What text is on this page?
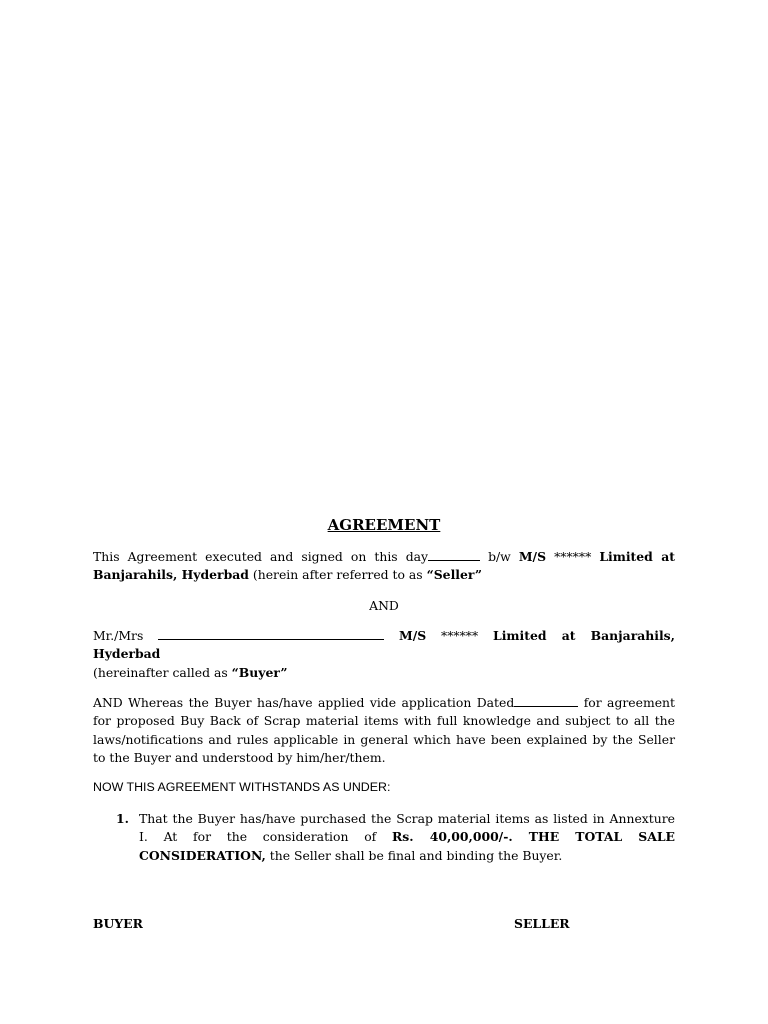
AGREEMENT
This Agreement executed and signed on this day	b/w M/S ****** Limited at Banjarahils, Hyderbad (herein after referred to as “Seller”
AND
Mr./Mrs	M/S ****** Limited at Banjarahils, Hyderbad
(hereinafter called as “Buyer”
AND Whereas the Buyer has/have applied vide application Dated	for agreement for proposed Buy Back of Scrap material items with full knowledge and subject to all the laws/notifications and rules applicable in general which have been explained by the Seller to the Buyer and understood by him/her/them.
NOW THIS AGREEMENT WITHSTANDS AS UNDER:
1. That the Buyer has/have purchased the Scrap material items as listed in Annexture I. At for the consideration of Rs. 40,00,000/-. THE TOTAL SALE CONSIDERATION, the Seller shall be final and binding the Buyer.
BUYER	SELLER
